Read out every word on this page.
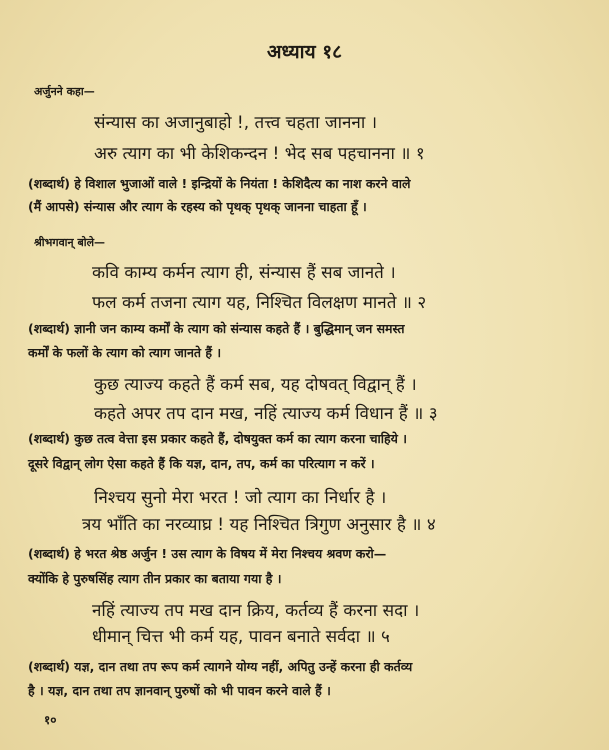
अध्याय १८
अर्जुनने कहा—
संन्यास का अजानुबाहो !, तत्त्व चहता जानना ।
अरु त्याग का भी केशिकन्दन ! भेद सब पहचानना ॥ १
(शब्दार्थ) हे विशाल भुजाओं वाले ! इन्द्रियों के नियंता ! केशिदैत्य का नाश करने वाले
(मैं आपसे) संन्यास और त्याग के रहस्य को पृथक् पृथक् जानना चाहता हूँ ।
श्रीभगवान् बोले—
कवि काम्य कर्मन त्याग ही, संन्यास हैं सब जानते ।
फल कर्म तजना त्याग यह, निश्चित विलक्षण मानते ॥ २
(शब्दार्थ) ज्ञानी जन काम्य कर्मों के त्याग को संन्यास कहते हैं । बुद्धिमान् जन समस्त
कर्मों के फलों के त्याग को त्याग जानते हैं ।
कुछ त्याज्य कहते हैं कर्म सब, यह दोषवत् विद्वान् हैं ।
कहते अपर तप दान मख, नहिं त्याज्य कर्म विधान हैं ॥ ३
(शब्दार्थ) कुछ तत्व वेत्ता इस प्रकार कहते हैं, दोषयुक्त कर्म का त्याग करना चाहिये ।
दूसरे विद्वान् लोग ऐसा कहते हैं कि यज्ञ, दान, तप, कर्म का परित्याग न करें ।
निश्चय सुनो मेरा भरत ! जो त्याग का निर्धार है ।
त्रय भाँति का नरव्याघ्र ! यह निश्चित त्रिगुण अनुसार है ॥ ४
(शब्दार्थ) हे भरत श्रेष्ठ अर्जुन ! उस त्याग के विषय में मेरा निश्चय श्रवण करो—
क्योंकि हे पुरुषसिंह त्याग तीन प्रकार का बताया गया है ।
नहिं त्याज्य तप मख दान क्रिय, कर्तव्य हैं करना सदा ।
धीमान् चित्त भी कर्म यह, पावन बनाते सर्वदा ॥ ५
(शब्दार्थ) यज्ञ, दान तथा तप रूप कर्म त्यागने योग्य नहीं, अपितु उन्हें करना ही कर्तव्य
है । यज्ञ, दान तथा तप ज्ञानवान् पुरुषों को भी पावन करने वाले हैं ।
१०
